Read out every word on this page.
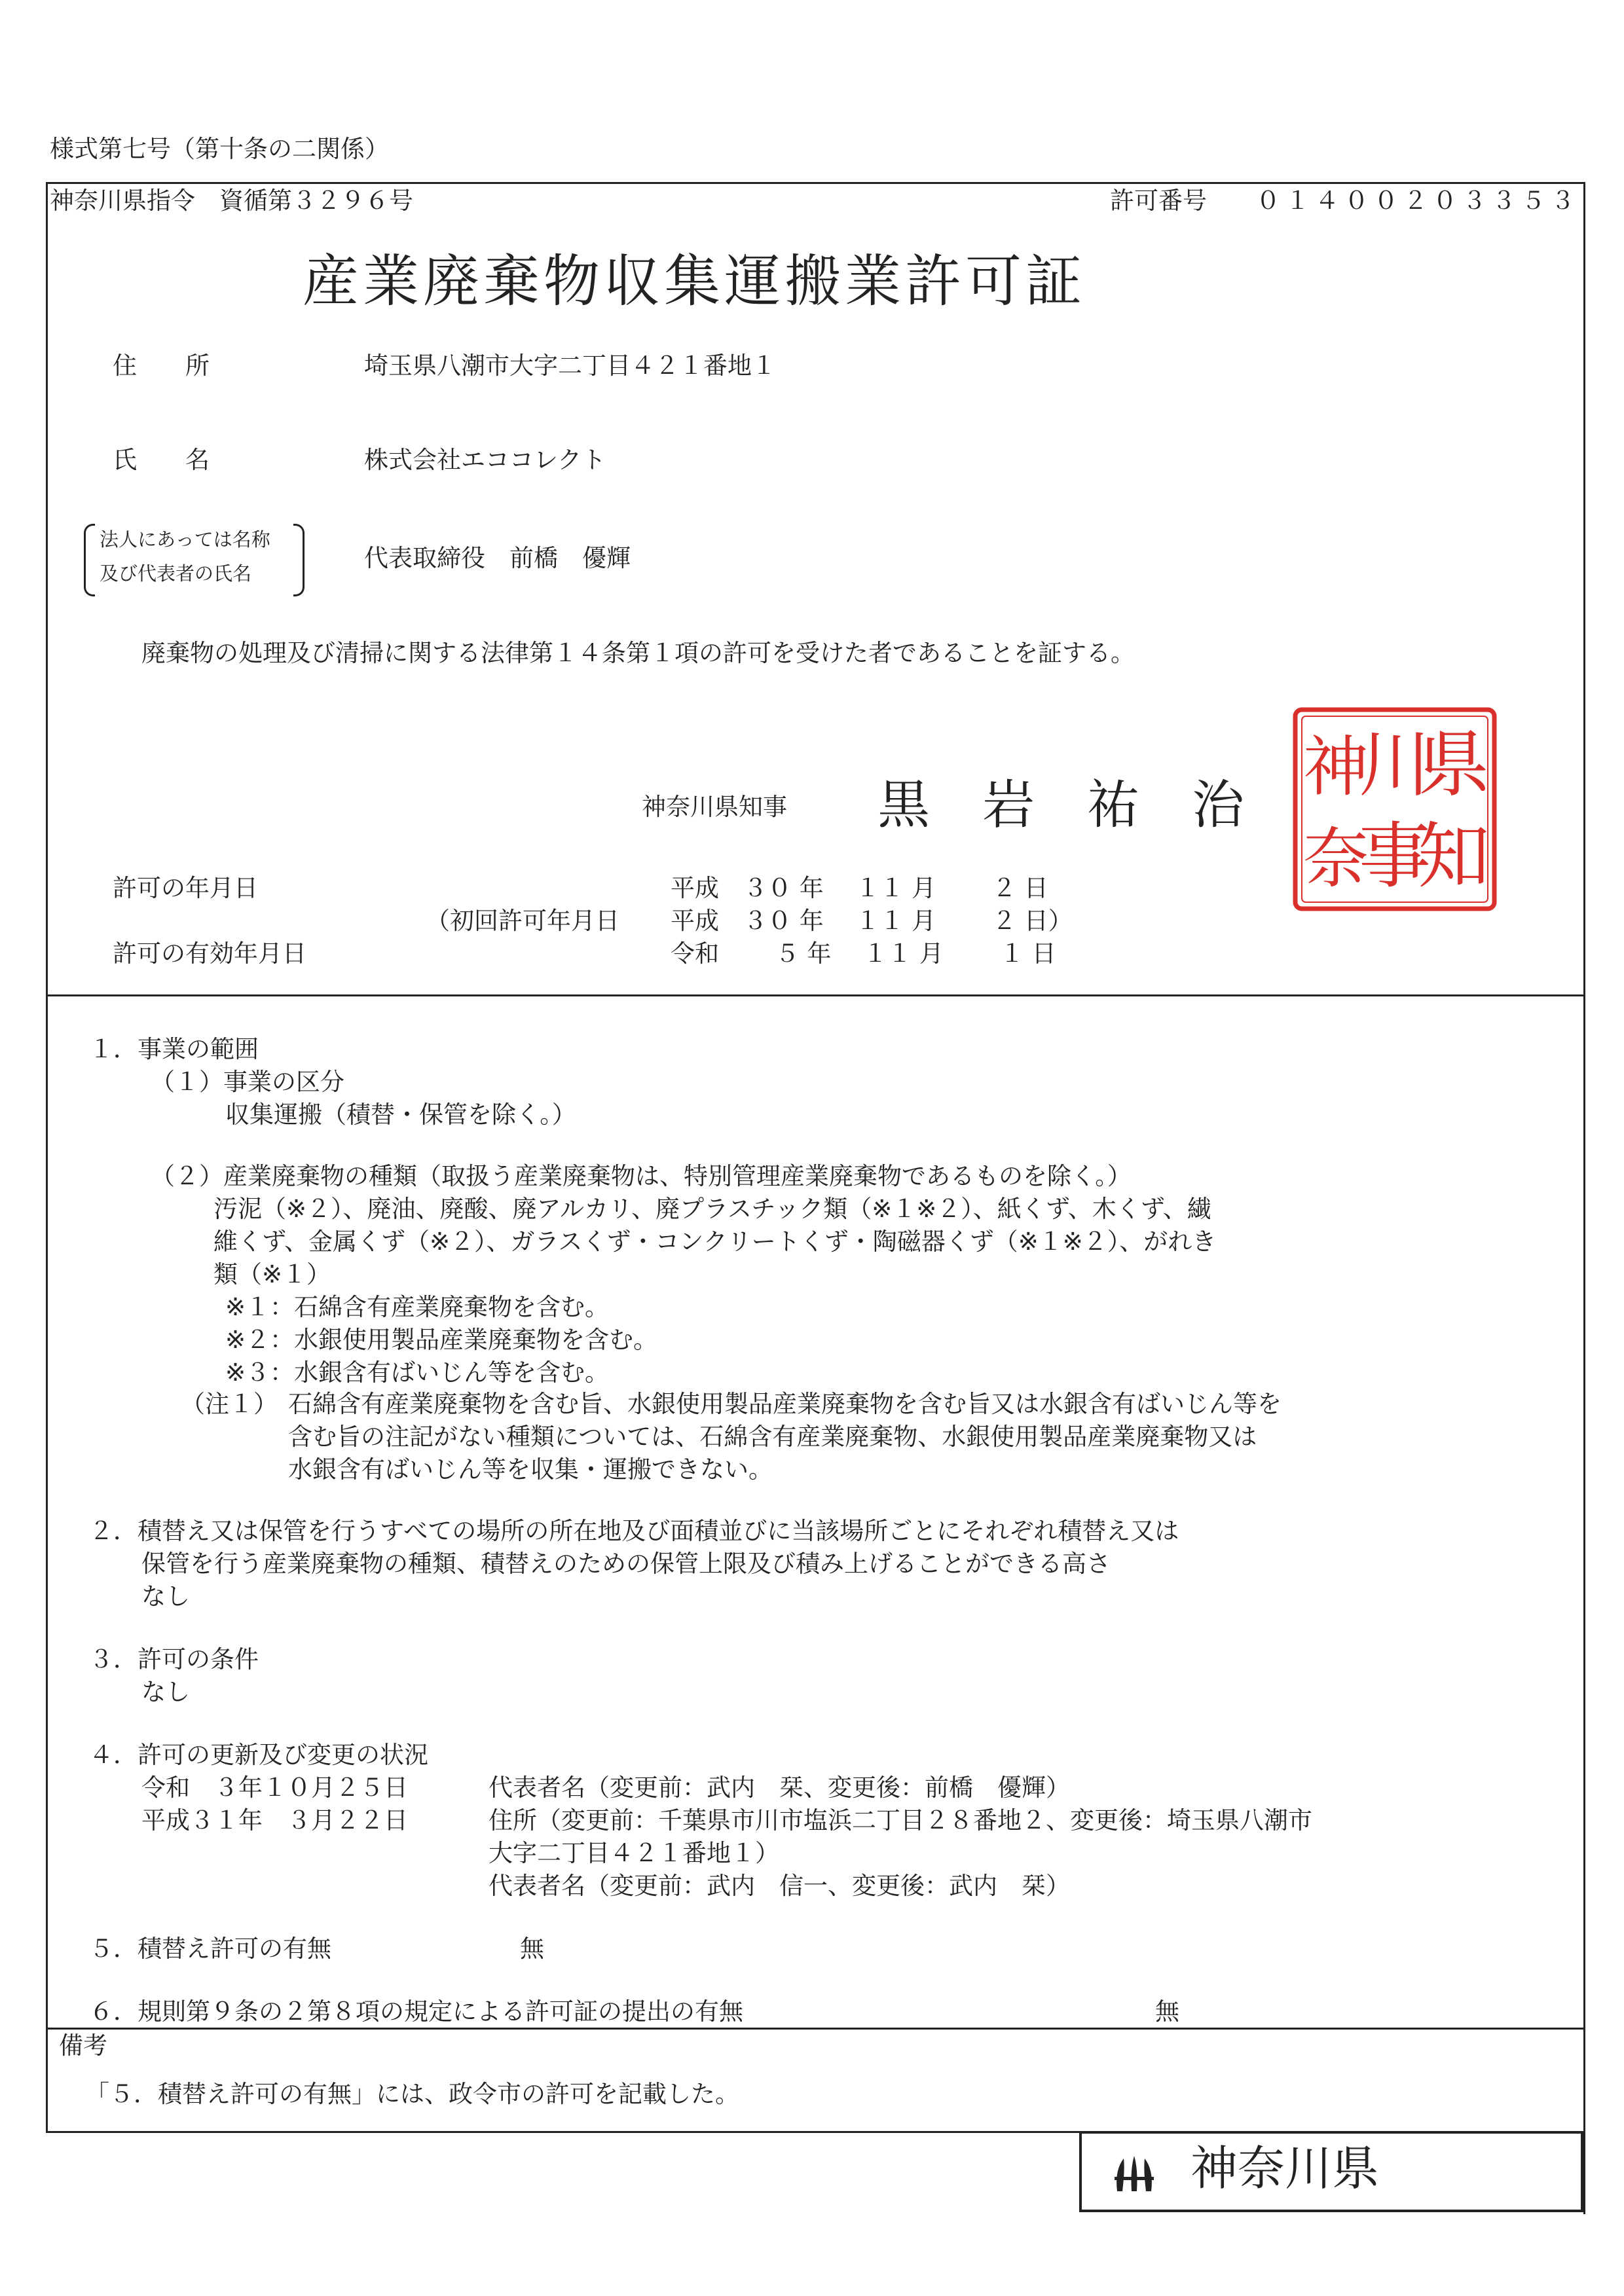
様式第七号（第十条の二関係）
神奈川県指令　資循第３２９６号	許可番号 ０１４００２０３３５３
産業廃棄物収集運搬業許可証
住　　所	埼玉県八潮市大字二丁目４２１番地１
氏　　名	株式会社エココレクト
法人にあっては名称
及び代表者の氏名
代表取締役　前橋　優輝
廃棄物の処理及び清掃に関する法律第１４条第１項の許可を受けた者であることを証する。
神奈川県知事 黒　岩　祐　治 県
知
川
事
神
奈
許可の年月日	平成　３０ 年　 １１ 月　　 ２ 日
（初回許可年月日 平成　３０ 年　 １１ 月　　 ２ 日）
許可の有効年月日	令和　　 ５ 年　 １１ 月　　 １ 日
１．事業の範囲
（１）事業の区分
収集運搬（積替・保管を除く。）
（２）産業廃棄物の種類（取扱う産業廃棄物は、特別管理産業廃棄物であるものを除く。）
汚泥（※２）、廃油、廃酸、廃アルカリ、廃プラスチック類（※１※２）、紙くず、木くず、繊
維くず、金属くず（※２）、ガラスくず・コンクリートくず・陶磁器くず（※１※２）、がれき
類（※１）
※１：石綿含有産業廃棄物を含む。
※２：水銀使用製品産業廃棄物を含む。
※３：水銀含有ばいじん等を含む。
（注１） 石綿含有産業廃棄物を含む旨、水銀使用製品産業廃棄物を含む旨又は水銀含有ばいじん等を
含む旨の注記がない種類については、石綿含有産業廃棄物、水銀使用製品産業廃棄物又は
水銀含有ばいじん等を収集・運搬できない。
２．積替え又は保管を行うすべての場所の所在地及び面積並びに当該場所ごとにそれぞれ積替え又は
保管を行う産業廃棄物の種類、積替えのための保管上限及び積み上げることができる高さ
なし
３．許可の条件
なし
４．許可の更新及び変更の状況
令和　３年１０月２５日	代表者名（変更前：武内　栞、変更後：前橋　優輝）
平成３１年　３月２２日	住所（変更前：千葉県市川市塩浜二丁目２８番地２、変更後：埼玉県八潮市
大字二丁目４２１番地１）
代表者名（変更前：武内　信一、変更後：武内　栞）
５．積替え許可の有無	無
６．規則第９条の２第８項の規定による許可証の提出の有無	無
備考
「５．積替え許可の有無」には、政令市の許可を記載した。
神奈川県
